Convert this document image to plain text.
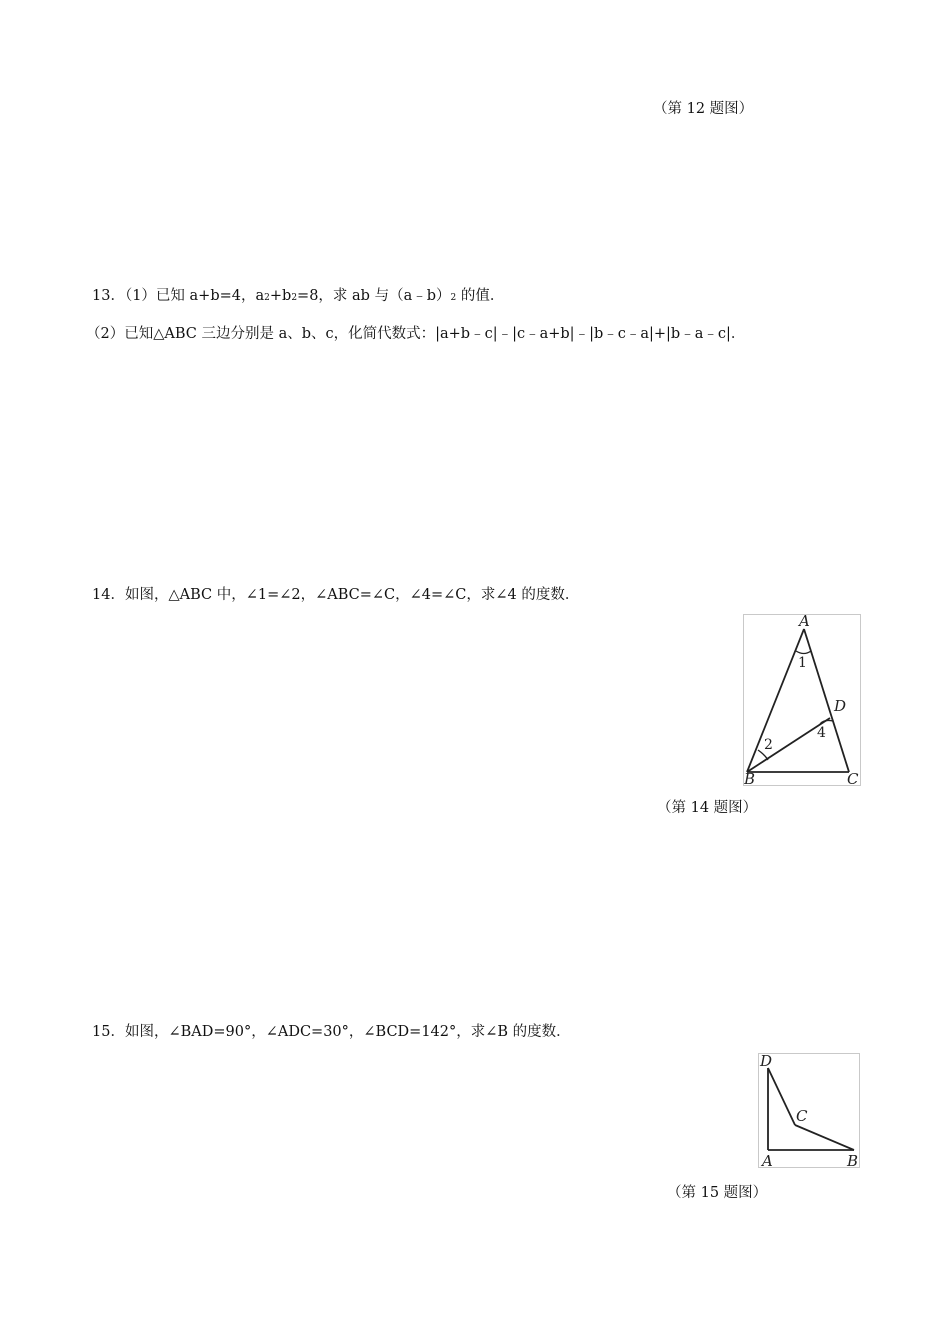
（第 12 题图）
13．（1）已知 a+b=4，a2+b2=8，求 ab 与（a﹣b）2 的值．
（2）已知△ABC 三边分别是 a、b、c，化简代数式：|a+b﹣c|﹣|c﹣a+b|﹣|b﹣c﹣a|+|b﹣a﹣c|．
14．如图，△ABC 中，∠1=∠2，∠ABC=∠C，∠4=∠C，求∠4 的度数．
A
1
D
4
2
B	C
（第 14 题图）
15．如图，∠BAD=90°，∠ADC=30°，∠BCD=142°，求∠B 的度数．
D
C
A	B
（第 15 题图）
